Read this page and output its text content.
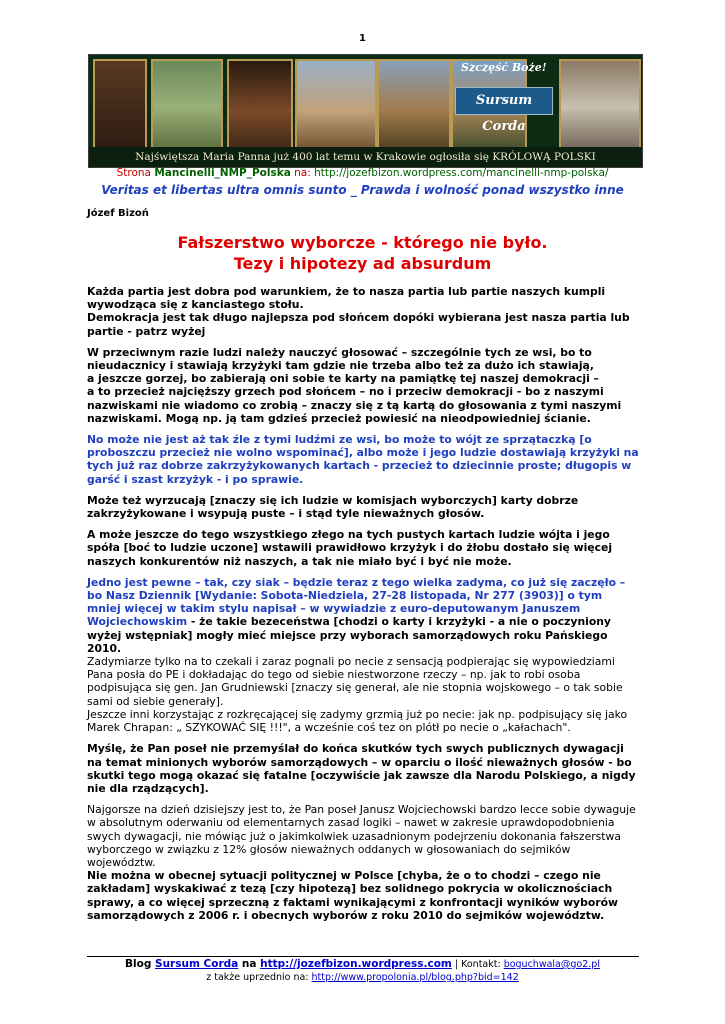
1
Szczęść Boże!
Sursum Corda
Najświętsza Maria Panna już 400 lat temu w Krakowie ogłosiła się KRÓLOWĄ POLSKI
Strona Mancinelli_NMP_Polska na: http://jozefbizon.wordpress.com/mancinelli-nmp-polska/
Veritas et libertas ultra omnis sunto _ Prawda i wolność ponad wszystko inne
Józef Bizoń
Fałszerstwo wyborcze - którego nie było.
Tezy i hipotezy ad absurdum

Każda partia jest dobra pod warunkiem, że to nasza partia lub partie naszych kumpli wywodząca się z kanciastego stołu.

Demokracja jest tak długo najlepsza pod słońcem dopóki wybierana jest nasza partia lub partie - patrz wyżej

W przeciwnym razie ludzi należy nauczyć głosować – szczególnie tych ze wsi, bo to nieudacznicy i stawiają krzyżyki tam gdzie nie trzeba albo też za dużo ich stawiają,
a jeszcze gorzej, bo zabierają oni sobie te karty na pamiątkę tej naszej demokracji –
a to przecież najcięższy grzech pod słońcem – no i przeciw demokracji - bo z naszymi nazwiskami nie wiadomo co zrobią – znaczy się z tą kartą do głosowania z tymi naszymi nazwiskami. Mogą np. ją tam gdzieś przecież powiesić na nieodpowiedniej ścianie.

No może nie jest aż tak źle z tymi ludźmi ze wsi, bo może to wójt ze sprzątaczką [o proboszczu przecież nie wolno wspominać], albo może i jego ludzie dostawiają krzyżyki na tych już raz dobrze zakrzyżykowanych kartach - przecież to dziecinnie proste; długopis w garść i szast krzyżyk - i po sprawie.

Może też wyrzucają [znaczy się ich ludzie w komisjach wyborczych] karty dobrze zakrzyżykowane i wsypują puste – i stąd tyle nieważnych głosów.

A może jeszcze do tego wszystkiego złego na tych pustych kartach ludzie wójta i jego spóła [boć to ludzie uczone] wstawili prawidłowo krzyżyk i do żłobu dostało się więcej naszych konkurentów niż naszych, a tak nie miało być i być nie może.

Jedno jest pewne – tak, czy siak – będzie teraz z tego wielka zadyma, co już się zaczęło – bo Nasz Dziennik [Wydanie: Sobota-Niedziela, 27-28 listopada, Nr 277 (3903)] o tym mniej więcej w takim stylu napisał – w wywiadzie z euro-deputowanym Januszem Wojciechowskim - że takie bezeceństwa [chodzi o karty i krzyżyki - a nie o poczyniony wyżej wstępniak] mogły mieć miejsce przy wyborach samorządowych roku Pańskiego 2010.
Zadymiarze tylko na to czekali i zaraz pognali po necie z sensacją podpierając się wypowiedziami Pana posła do PE i dokładając do tego od siebie niestworzone rzeczy – np. jak to robi osoba podpisująca się gen. Jan Grudniewski [znaczy się generał, ale nie stopnia wojskowego – o tak sobie sami od siebie generały].
Jeszcze inni korzystając z rozkręcającej się zadymy grzmią już po necie: jak np. podpisujący się jako Marek Chrapan: „ SZYKOWAĆ SIĘ !!!", a wcześnie coś tez on plótł po necie o „kałachach".

Myślę, że Pan poseł nie przemyślał do końca skutków tych swych publicznych dywagacji na temat minionych wyborów samorządowych – w oparciu o ilość nieważnych głosów - bo skutki tego mogą okazać się fatalne [oczywiście jak zawsze dla Narodu Polskiego, a nigdy nie dla rządzących].

Najgorsze na dzień dzisiejszy jest to, że Pan poseł Janusz Wojciechowski bardzo lecce sobie dywaguje w absolutnym oderwaniu od elementarnych zasad logiki – nawet w zakresie uprawdopodobnienia swych dywagacji, nie mówiąc już o jakimkolwiek uzasadnionym podejrzeniu dokonania fałszerstwa wyborczego w związku z 12% głosów nieważnych oddanych w głosowaniach do sejmików województw.
Nie można w obecnej sytuacji politycznej w Polsce [chyba, że o to chodzi – czego nie zakładam] wyskakiwać z tezą [czy hipotezą] bez solidnego pokrycia w okolicznościach sprawy, a co więcej sprzeczną z faktami wynikającymi z konfrontacji wyników wyborów samorządowych z 2006 r. i obecnych wyborów z roku 2010 do sejmików województw.

Blog Sursum Corda na http://jozefbizon.wordpress.com | Kontakt: boguchwala@go2.pl
z także uprzednio na: http://www.propolonia.pl/blog.php?bid=142
